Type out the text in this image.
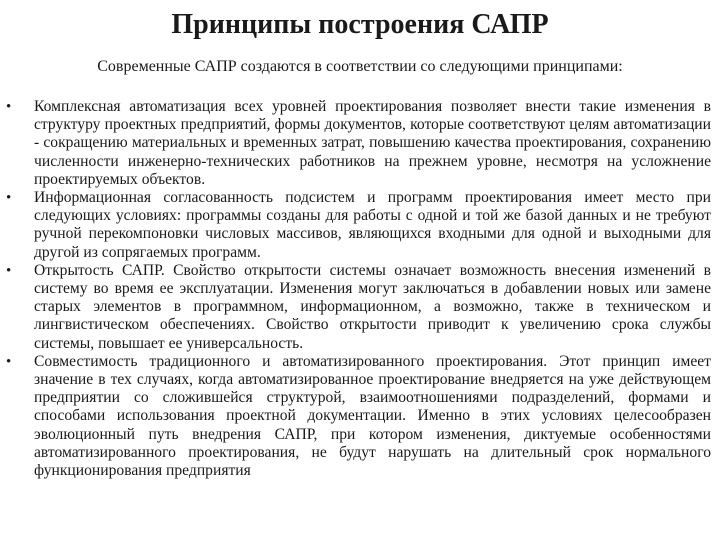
Принципы построения САПР
Современные САПР создаются в соответствии со следующими принципами:
•	Комплексная автоматизация всех уровней проектирования позволяет внести такие изменения в структуру проектных предприятий, формы документов, которые соответствуют целям автоматизации - сокращению материальных и временных затрат, повышению качества проектирования, сохранению численности инженерно-технических работников на прежнем уровне, несмотря на усложнение проектируемых объектов.
•	Информационная согласованность подсистем и программ проектирования имеет место при следующих условиях: программы созданы для работы с одной и той же базой данных и не требуют ручной перекомпоновки числовых массивов, являющихся входными для одной и выходными для другой из сопрягаемых программ.
•	Открытость САПР. Свойство открытости системы означает возможность внесения изменений в систему во время ее эксплуатации. Изменения могут заключаться в добавлении новых или замене старых элементов в программном, информационном, а возможно, также в техническом и лингвистическом обеспечениях. Свойство открытости приводит к увеличению срока службы системы, повышает ее универсальность.
•	Совместимость традиционного и автоматизированного проектирования. Этот принцип имеет значение в тех случаях, когда автоматизированное проектирование внедряется на уже действующем предприятии со сложившейся структурой, взаимоотношениями подразделений, формами и способами использования проектной документации. Именно в этих условиях целесообразен эволюционный путь внедрения САПР, при котором изменения, диктуемые особенностями автоматизированного проектирования, не будут нарушать на длительный срок нормального функционирования предприятия
